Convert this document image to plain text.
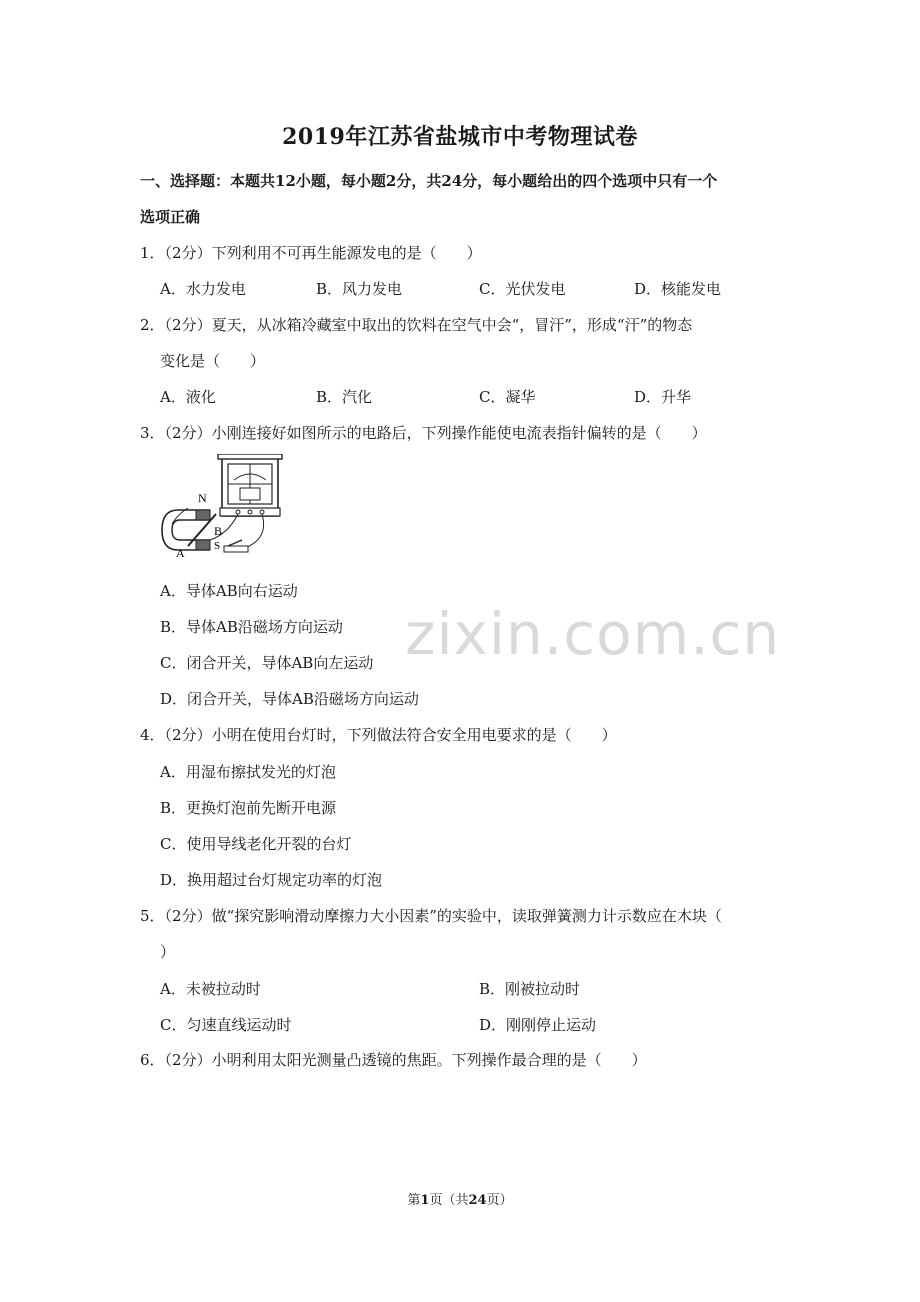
2019年江苏省盐城市中考物理试卷
一、选择题：本题共12小题，每小题2分，共24分，每小题给出的四个选项中只有一个
选项正确
1．（2分）下列利用不可再生能源发电的是（　　）
A．水力发电	B．风力发电	C．光伏发电	D．核能发电
2．（2分）夏天，从冰箱冷藏室中取出的饮料在空气中会“，冒汗”，形成“汗”的物态
变化是（　　）
A．液化	B．汽化	C．凝华	D．升华
3．（2分）小刚连接好如图所示的电路后，下列操作能使电流表指针偏转的是（　　）
N
B
S
A
A．导体AB向右运动
B．导体AB沿磁场方向运动
C．闭合开关，导体AB向左运动
D．闭合开关，导体AB沿磁场方向运动
4．（2分）小明在使用台灯时，下列做法符合安全用电要求的是（　　）
A．用湿布擦拭发光的灯泡
B．更换灯泡前先断开电源
C．使用导线老化开裂的台灯
D．换用超过台灯规定功率的灯泡
5．（2分）做“探究影响滑动摩擦力大小因素”的实验中，读取弹簧测力计示数应在木块（
）
A．未被拉动时	B．刚被拉动时
C．匀速直线运动时	D．刚刚停止运动
6．（2分）小明利用太阳光测量凸透镜的焦距。下列操作最合理的是（　　）
zixin.com.cn
第1页（共24页）
